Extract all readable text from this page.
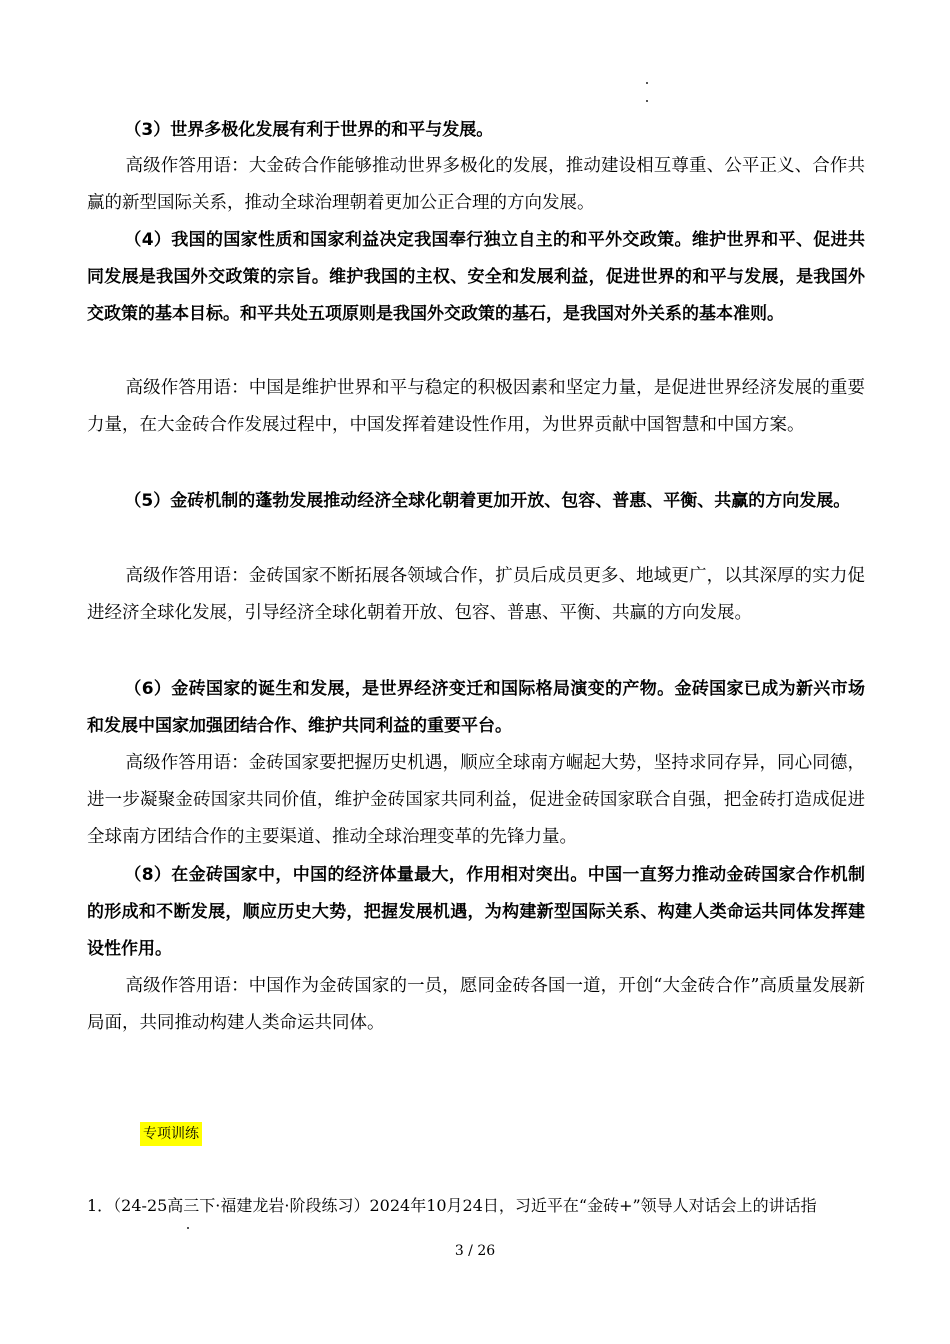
（3）世界多极化发展有利于世界的和平与发展。

高级作答用语：大金砖合作能够推动世界多极化的发展，推动建设相互尊重、公平正义、合作共赢的新型国际关系，推动全球治理朝着更加公正合理的方向发展。

（4）我国的国家性质和国家利益决定我国奉行独立自主的和平外交政策。维护世界和平、促进共同发展是我国外交政策的宗旨。维护我国的主权、安全和发展利益，促进世界的和平与发展，是我国外交政策的基本目标。和平共处五项原则是我国外交政策的基石，是我国对外关系的基本准则。

高级作答用语：中国是维护世界和平与稳定的积极因素和坚定力量，是促进世界经济发展的重要力量，在大金砖合作发展过程中，中国发挥着建设性作用，为世界贡献中国智慧和中国方案。

（5）金砖机制的蓬勃发展推动经济全球化朝着更加开放、包容、普惠、平衡、共赢的方向发展。

高级作答用语：金砖国家不断拓展各领域合作，扩员后成员更多、地域更广，以其深厚的实力促进经济全球化发展，引导经济全球化朝着开放、包容、普惠、平衡、共赢的方向发展。

（6）金砖国家的诞生和发展，是世界经济变迁和国际格局演变的产物。金砖国家已成为新兴市场和发展中国家加强团结合作、维护共同利益的重要平台。

高级作答用语：金砖国家要把握历史机遇，顺应全球南方崛起大势，坚持求同存异，同心同德，进一步凝聚金砖国家共同价值，维护金砖国家共同利益，促进金砖国家联合自强，把金砖打造成促进全球南方团结合作的主要渠道、推动全球治理变革的先锋力量。

（8）在金砖国家中，中国的经济体量最大，作用相对突出。中国一直努力推动金砖国家合作机制的形成和不断发展，顺应历史大势，把握发展机遇，为构建新型国际关系、构建人类命运共同体发挥建设性作用。

高级作答用语：中国作为金砖国家的一员，愿同金砖各国一道，开创“大金砖合作”高质量发展新局面，共同推动构建人类命运共同体。

专项训练
1．（24-25高三下·福建龙岩·阶段练习）2024年10月24日，习近平在“金砖+”领导人对话会上的讲话指
3 / 26
